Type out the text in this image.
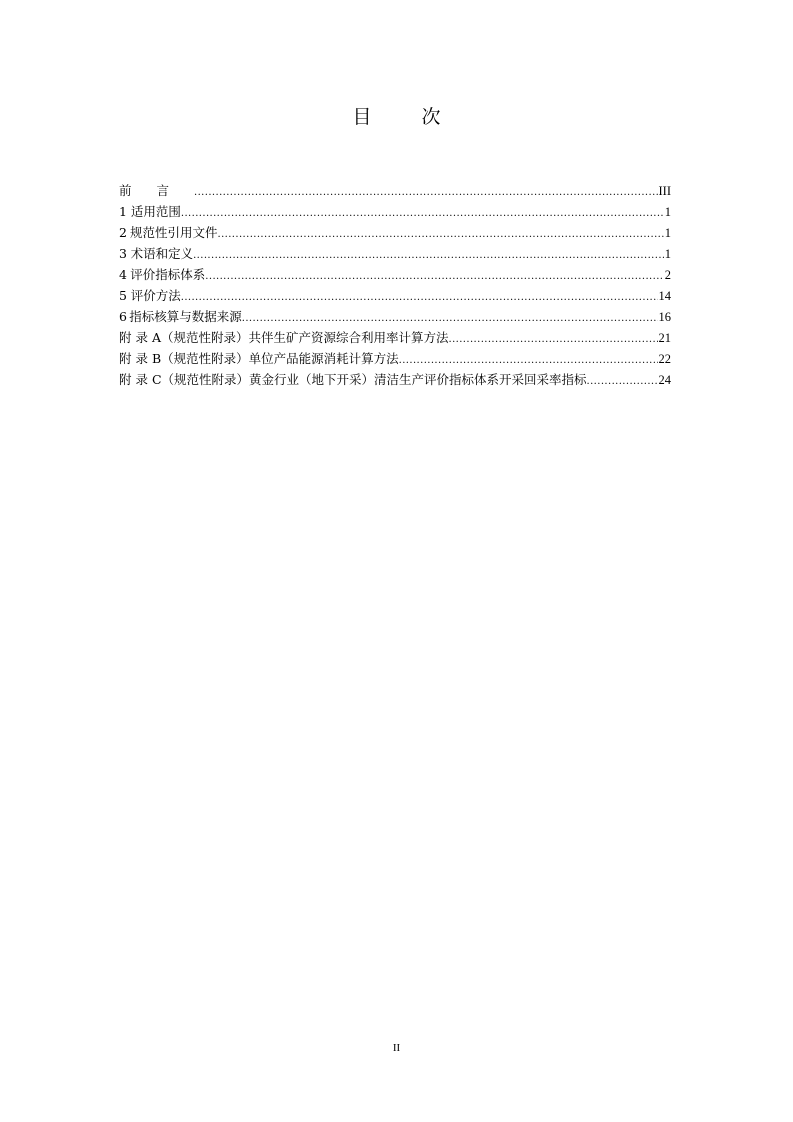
目 次
前言 .....	III
1 适用范围 .....	1
2 规范性引用文件 .....	1
3 术语和定义 .....	1
4 评价指标体系 .....	2
5 评价方法 .....	14
6 指标核算与数据来源 .....	16
附 录 A（规范性附录）共伴生矿产资源综合利用率计算方法 .....	21
附 录 B（规范性附录）单位产品能源消耗计算方法 .....	22
附 录 C（规范性附录）黄金行业（地下开采）清洁生产评价指标体系开采回采率指标 .....	24
II
